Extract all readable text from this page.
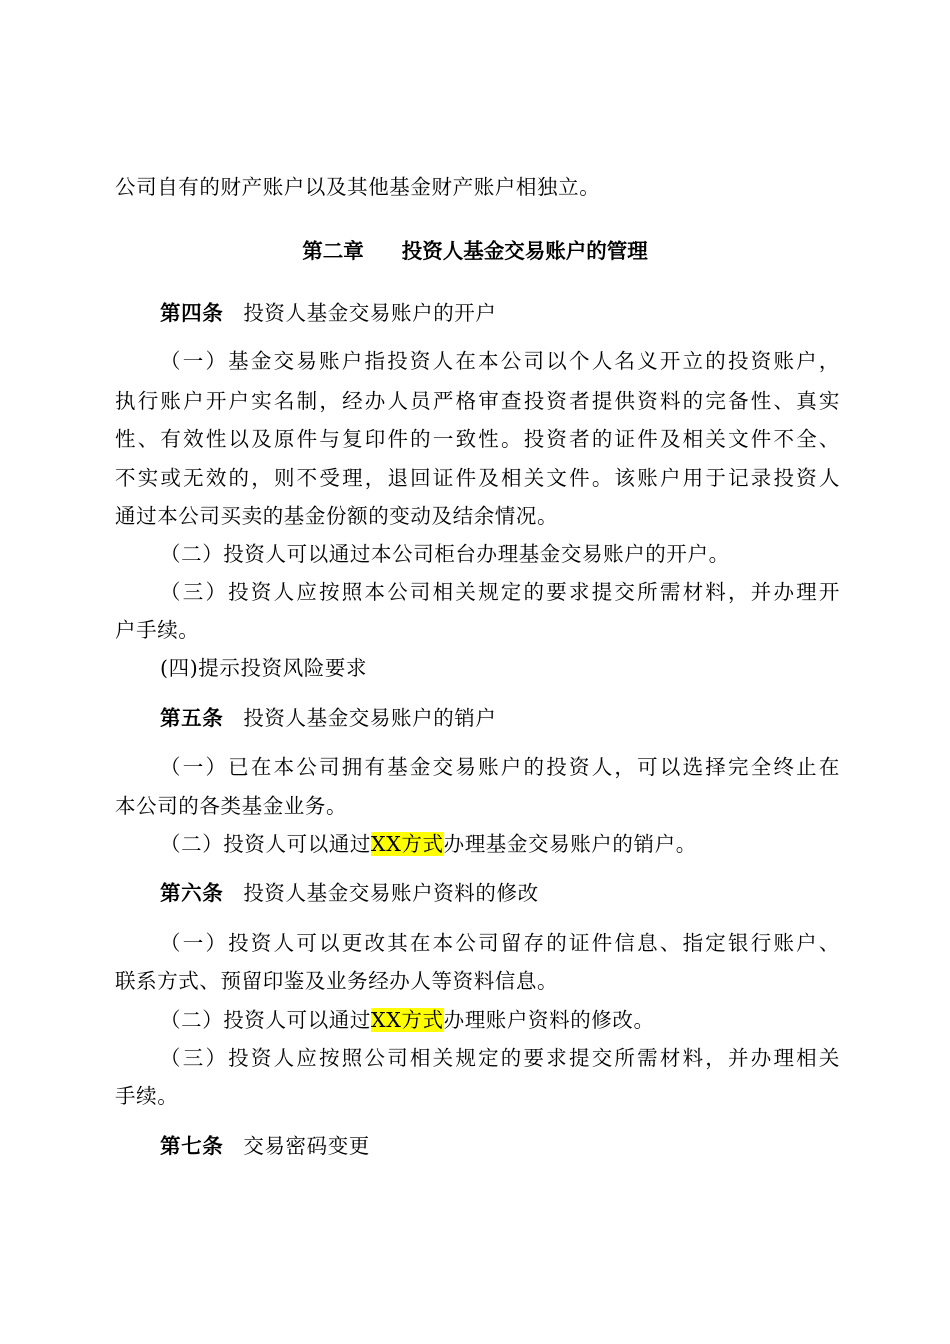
公司自有的财产账户以及其他基金财产账户相独立。
第二章 投资人基金交易账户的管理
第四条 投资人基金交易账户的开户
（一）基金交易账户指投资人在本公司以个人名义开立的投资账户，
执行账户开户实名制，经办人员严格审查投资者提供资料的完备性、真实
性、有效性以及原件与复印件的一致性。投资者的证件及相关文件不全、
不实或无效的，则不受理，退回证件及相关文件。该账户用于记录投资人
通过本公司买卖的基金份额的变动及结余情况。
（二）投资人可以通过本公司柜台办理基金交易账户的开户。
（三）投资人应按照本公司相关规定的要求提交所需材料，并办理开
户手续。
(四)提示投资风险要求
第五条 投资人基金交易账户的销户
（一）已在本公司拥有基金交易账户的投资人，可以选择完全终止在
本公司的各类基金业务。
（二）投资人可以通过XX方式办理基金交易账户的销户。
第六条 投资人基金交易账户资料的修改
（一）投资人可以更改其在本公司留存的证件信息、指定银行账户、
联系方式、预留印鉴及业务经办人等资料信息。
（二）投资人可以通过XX方式办理账户资料的修改。
（三）投资人应按照公司相关规定的要求提交所需材料，并办理相关
手续。
第七条 交易密码变更
